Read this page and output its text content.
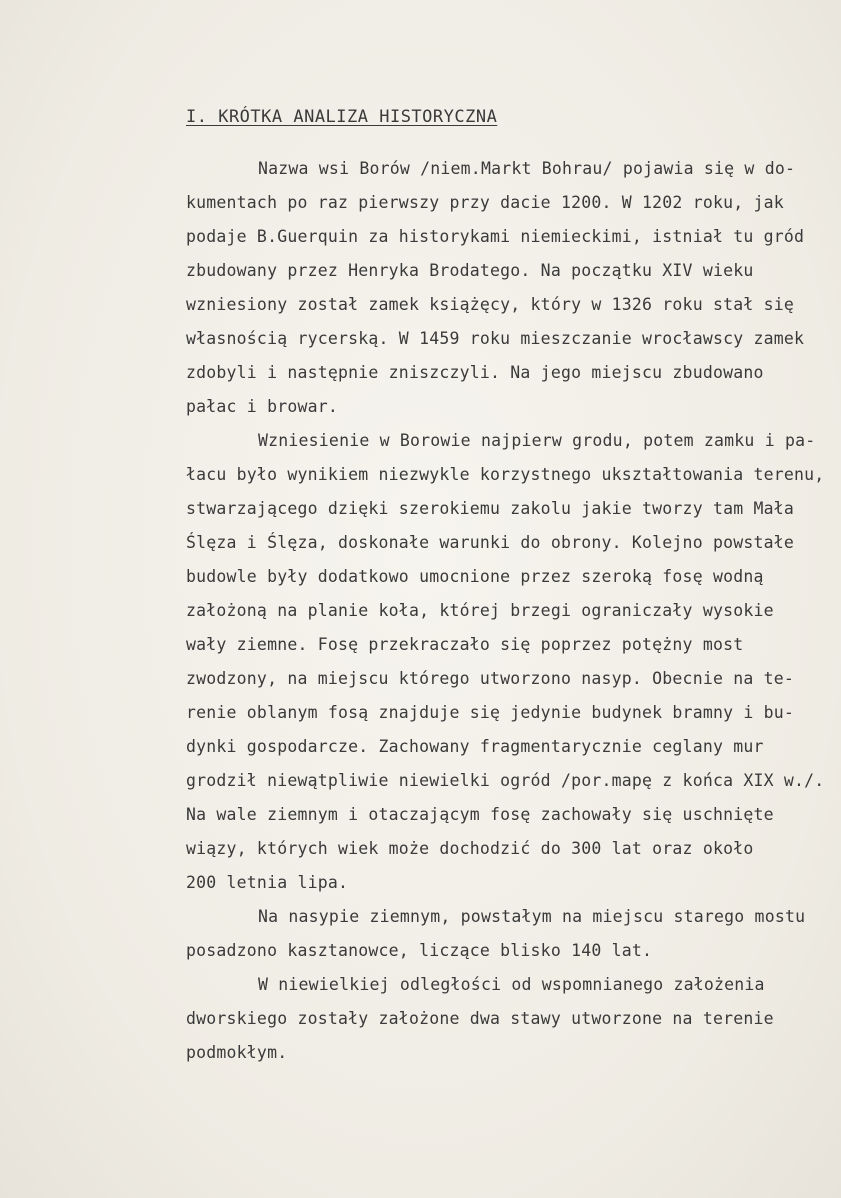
I. KRÓTKA ANALIZA HISTORYCZNA
Nazwa wsi Borów /niem.Markt Bohrau/ pojawia się w do-
kumentach po raz pierwszy przy dacie 1200. W 1202 roku, jak
podaje B.Guerquin za historykami niemieckimi, istniał tu gród
zbudowany przez Henryka Brodatego. Na początku XIV wieku
wzniesiony został zamek książęcy, który w 1326 roku stał się
własnością rycerską. W 1459 roku mieszczanie wrocławscy zamek
zdobyli i następnie zniszczyli. Na jego miejscu zbudowano
pałac i browar.
Wzniesienie w Borowie najpierw grodu, potem zamku i pa-
łacu było wynikiem niezwykle korzystnego ukształtowania terenu,
stwarzającego dzięki szerokiemu zakolu jakie tworzy tam Mała
Ślęza i Ślęza, doskonałe warunki do obrony. Kolejno powstałe
budowle były dodatkowo umocnione przez szeroką fosę wodną
założoną na planie koła, której brzegi ograniczały wysokie
wały ziemne. Fosę przekraczało się poprzez potężny most
zwodzony, na miejscu którego utworzono nasyp. Obecnie na te-
renie oblanym fosą znajduje się jedynie budynek bramny i bu-
dynki gospodarcze. Zachowany fragmentarycznie ceglany mur
grodził niewątpliwie niewielki ogród /por.mapę z końca XIX w./.
Na wale ziemnym i otaczającym fosę zachowały się uschnięte
wiązy, których wiek może dochodzić do 300 lat oraz około
200 letnia lipa.
Na nasypie ziemnym, powstałym na miejscu starego mostu
posadzono kasztanowce, liczące blisko 140 lat.
W niewielkiej odległości od wspomnianego założenia
dworskiego zostały założone dwa stawy utworzone na terenie
podmokłym.
